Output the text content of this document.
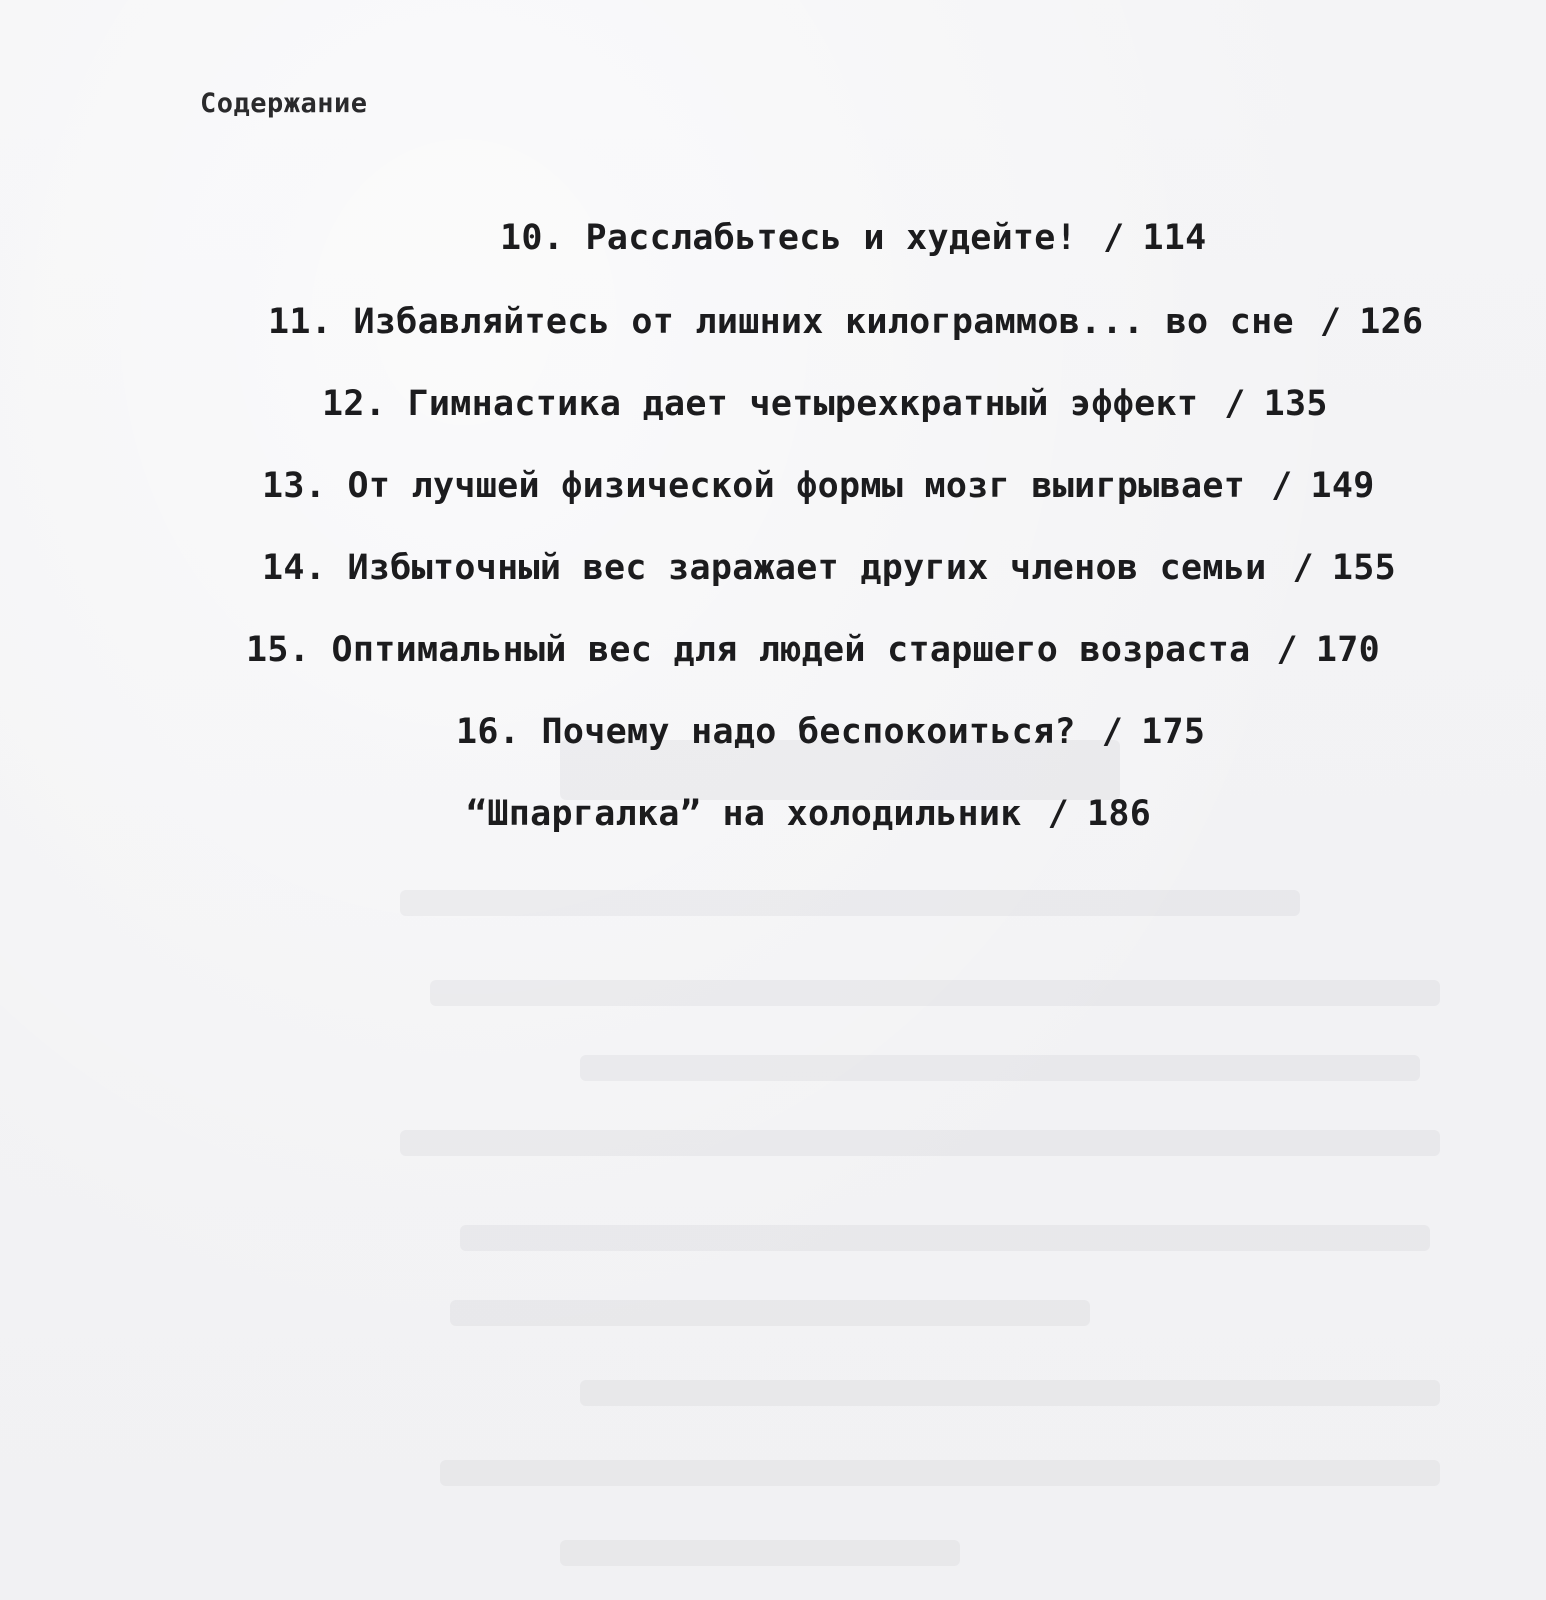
Содержание
10. Расслабьтесь и худейте! / 114
11. Избавляйтесь от лишних килограммов... во сне / 126
12. Гимнастика дает четырехкратный эффект / 135
13. От лучшей физической формы мозг выигрывает / 149
14. Избыточный вес заражает других членов семьи / 155
15. Оптимальный вес для людей старшего возраста / 170
16. Почему надо беспокоиться? / 175
“Шпаргалка” на холодильник / 186
